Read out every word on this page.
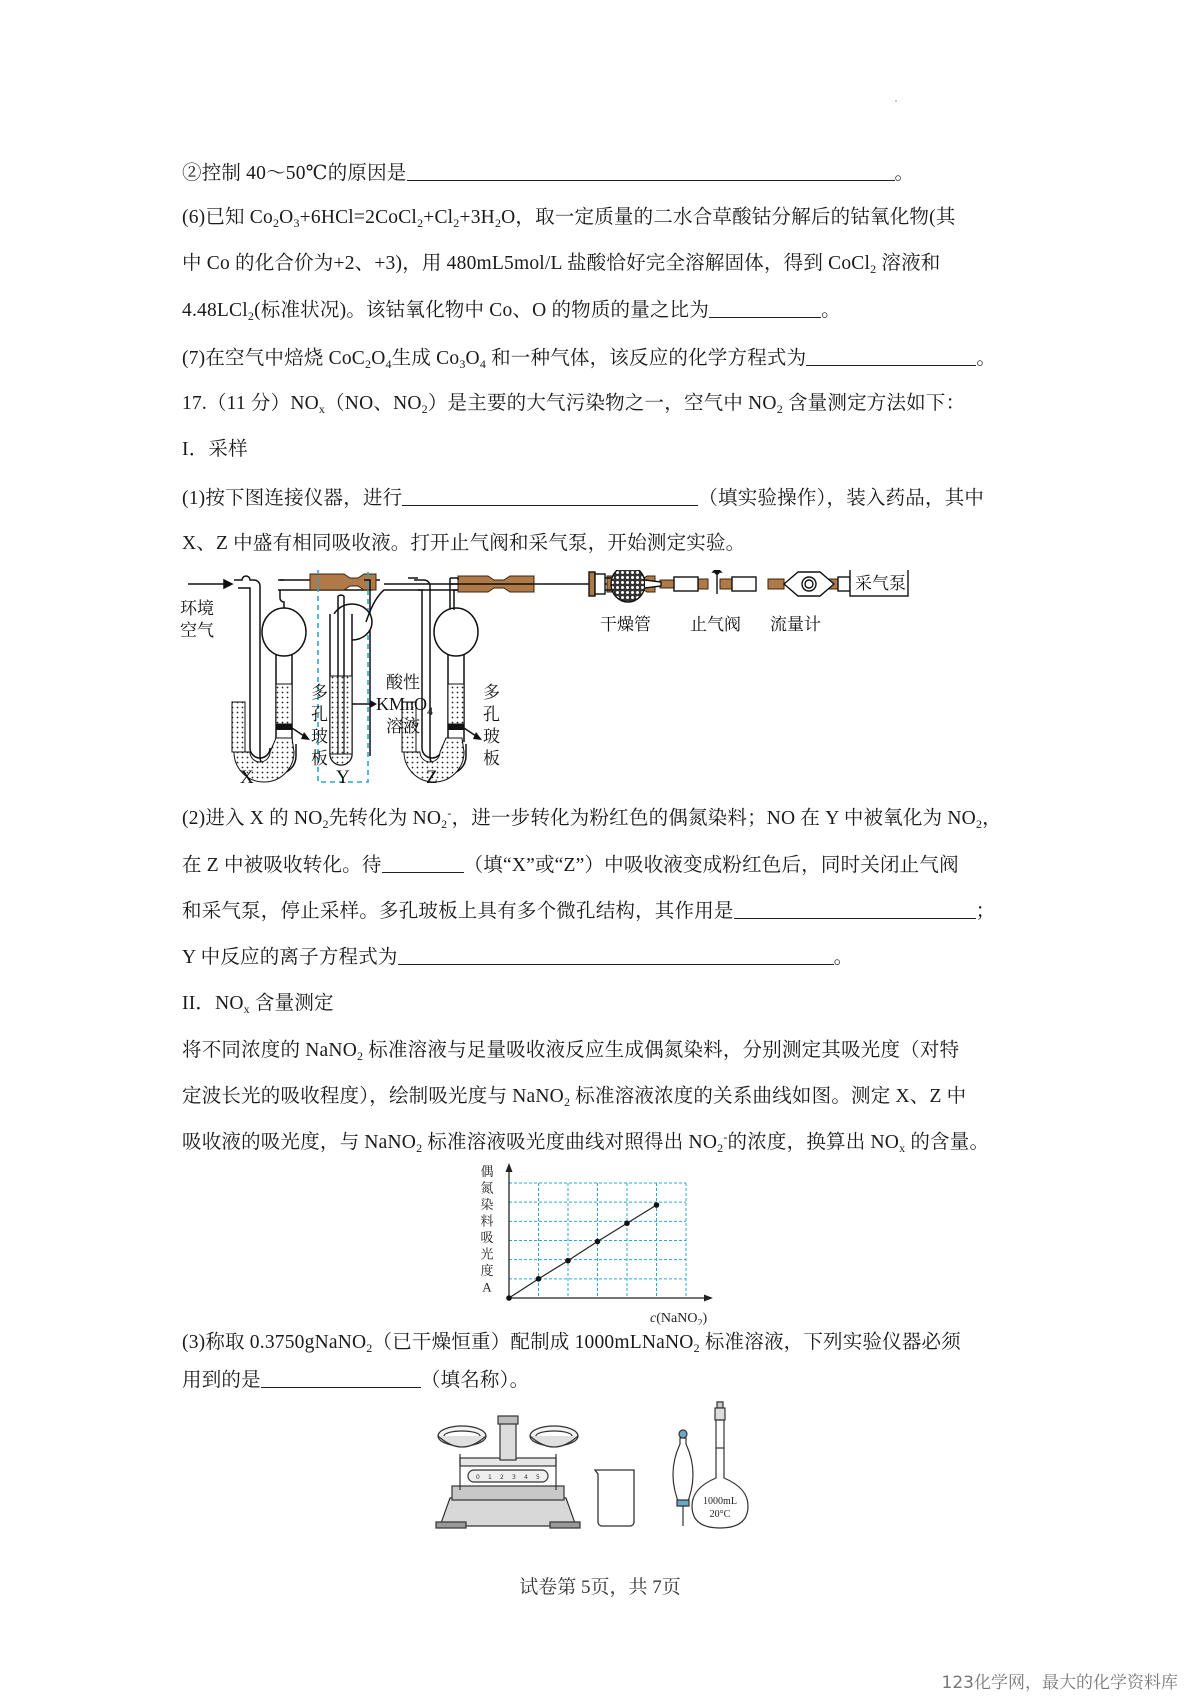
②控制 40～50℃的原因是	。
(6)已知 $Co_2O_3+6HCl=2CoCl_2+Cl_2+3H_2O$，取一定质量的二水合草酸钴分解后的钴氧化物(其
中 Co 的化合价为+2、+3)，用 480mL5mol/L 盐酸恰好完全溶解固体，得到 CoCl$_2$ 溶液和
4.48LCl$_2$(标准状况)。该钴氧化物中 Co、O 的物质的量之比为	。
(7)在空气中焙烧 $CoC_2O_4$生成 $Co_3O_4$ 和一种气体，该反应的化学方程式为	。
17.（11 分）$NO_x(NO$、$NO_2$）是主要的大气污染物之一，空气中 $NO_2$ 含量测定方法如下：
I．采样
(1)按下图连接仪器，进行	（填实验操作），装入药品，其中
X、Z 中盛有相同吸收液。打开止气阀和采气泵，开始测定实验。
环境
空气
X	Y	Z
多
孔
玻
板
多
孔
玻
板
酸性
KMnO$_4$
溶液
干燥管 止气阀 流量计
采气泵
(2)进入 X 的 $NO_2$先转化为 $NO_2^-$，进一步转化为粉红色的偶氮染料；NO 在 Y 中被氧化为 $NO_2$，
在 Z 中被吸收转化。待	（填“X”或“Z”）中吸收液变成粉红色后，同时关闭止气阀
和采气泵，停止采样。多孔玻板上具有多个微孔结构，其作用是	；
Y 中反应的离子方程式为	。
II．$NO_x$ 含量测定
将不同浓度的 NaNO$_2$ 标准溶液与足量吸收液反应生成偶氮染料，分别测定其吸光度（对特
定波长光的吸收程度），绘制吸光度与 NaNO$_2$ 标准溶液浓度的关系曲线如图。测定 X、Z 中
吸收液的吸光度，与 NaNO$_2$ 标准溶液吸光度曲线对照得出 $NO_2^-$的浓度，换算出 $NO_x$ 的含量。
偶
氮
染
料
吸
光
度
A
c(NaNO$_2$)
(3)称取 0.3750gNaNO$_2$（已干燥恒重）配制成 1000mLNaNO$_2$ 标准溶液，下列实验仪器必须
用到的是	（填名称）。
0 1 2 3 4 5
1000mL
20°C
试卷第 5页，共 7页
123化学网，最大的化学资料库
